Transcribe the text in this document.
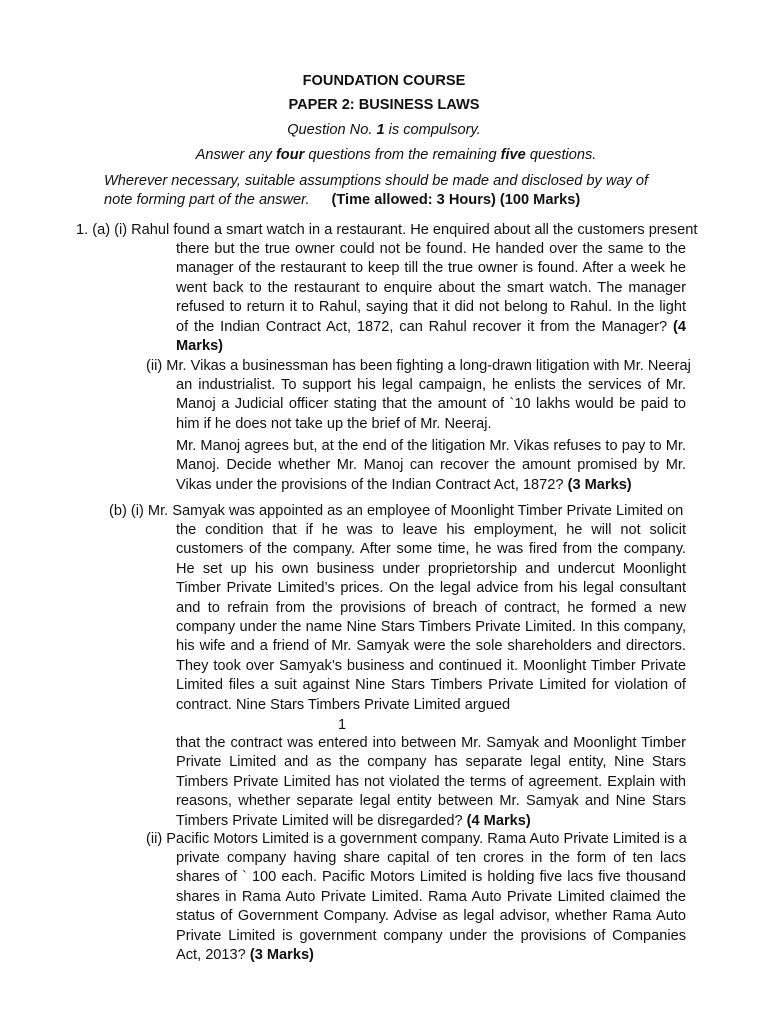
FOUNDATION COURSE
PAPER 2: BUSINESS LAWS
Question No. 1 is compulsory.
Answer any four questions from the remaining five questions.
Wherever necessary, suitable assumptions should be made and disclosed by way of
note forming part of the answer. (Time allowed: 3 Hours) (100 Marks)
1. (a) (i) Rahul found a smart watch in a restaurant. He enquired about all the customers present
there but the true owner could not be found. He handed over the same to the manager of the restaurant to keep till the true owner is found. After a week he went back to the restaurant to enquire about the smart watch. The manager refused to return it to Rahul, saying that it did not belong to Rahul. In the light of the Indian Contract Act, 1872, can Rahul recover it from the Manager? (4 Marks)
(ii) Mr. Vikas a businessman has been fighting a long-drawn litigation with Mr. Neeraj
an industrialist. To support his legal campaign, he enlists the services of Mr. Manoj a Judicial officer stating that the amount of `10 lakhs would be paid to him if he does not take up the brief of Mr. Neeraj.
Mr. Manoj agrees but, at the end of the litigation Mr. Vikas refuses to pay to Mr. Manoj. Decide whether Mr. Manoj can recover the amount promised by Mr. Vikas under the provisions of the Indian Contract Act, 1872? (3 Marks)
(b) (i) Mr. Samyak was appointed as an employee of Moonlight Timber Private Limited on
the condition that if he was to leave his employment, he will not solicit customers of the company. After some time, he was fired from the company. He set up his own business under proprietorship and undercut Moonlight Timber Private Limited’s prices. On the legal advice from his legal consultant and to refrain from the provisions of breach of contract, he formed a new company under the name Nine Stars Timbers Private Limited. In this company, his wife and a friend of Mr. Samyak were the sole shareholders and directors. They took over Samyak’s business and continued it. Moonlight Timber Private Limited files a suit against Nine Stars Timbers Private Limited for violation of contract. Nine Stars Timbers Private Limited argued
1
that the contract was entered into between Mr. Samyak and Moonlight Timber Private Limited and as the company has separate legal entity, Nine Stars Timbers Private Limited has not violated the terms of agreement. Explain with reasons, whether separate legal entity between Mr. Samyak and Nine Stars Timbers Private Limited will be disregarded? (4 Marks)
(ii) Pacific Motors Limited is a government company. Rama Auto Private Limited is a
private company having share capital of ten crores in the form of ten lacs shares of ` 100 each. Pacific Motors Limited is holding five lacs five thousand shares in Rama Auto Private Limited. Rama Auto Private Limited claimed the status of Government Company. Advise as legal advisor, whether Rama Auto Private Limited is government company under the provisions of Companies Act, 2013? (3 Marks)
